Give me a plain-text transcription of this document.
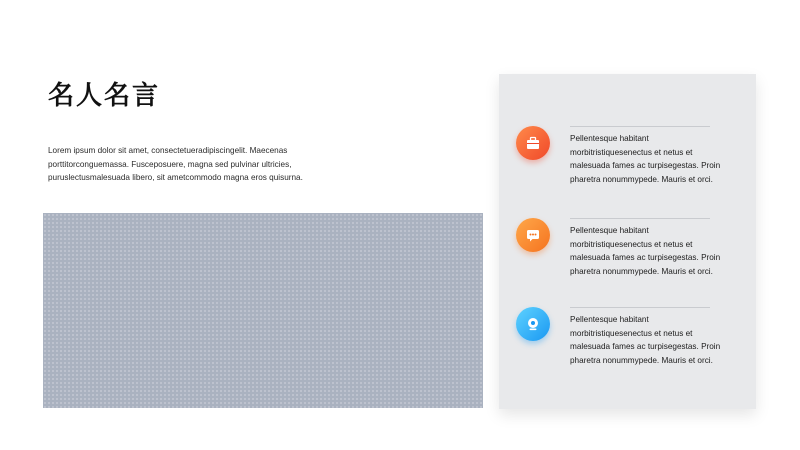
名人名言
Lorem ipsum dolor sit amet, consectetueradipiscingelit. Maecenas
porttitorconguemassa. Fusceposuere, magna sed pulvinar ultricies,
puruslectusmalesuada libero, sit ametcommodo magna eros quisurna.
Pellentesque habitant
morbitristiquesenectus et netus et
malesuada fames ac turpisegestas. Proin
pharetra nonummypede. Mauris et orci.
Pellentesque habitant
morbitristiquesenectus et netus et
malesuada fames ac turpisegestas. Proin
pharetra nonummypede. Mauris et orci.
Pellentesque habitant
morbitristiquesenectus et netus et
malesuada fames ac turpisegestas. Proin
pharetra nonummypede. Mauris et orci.
